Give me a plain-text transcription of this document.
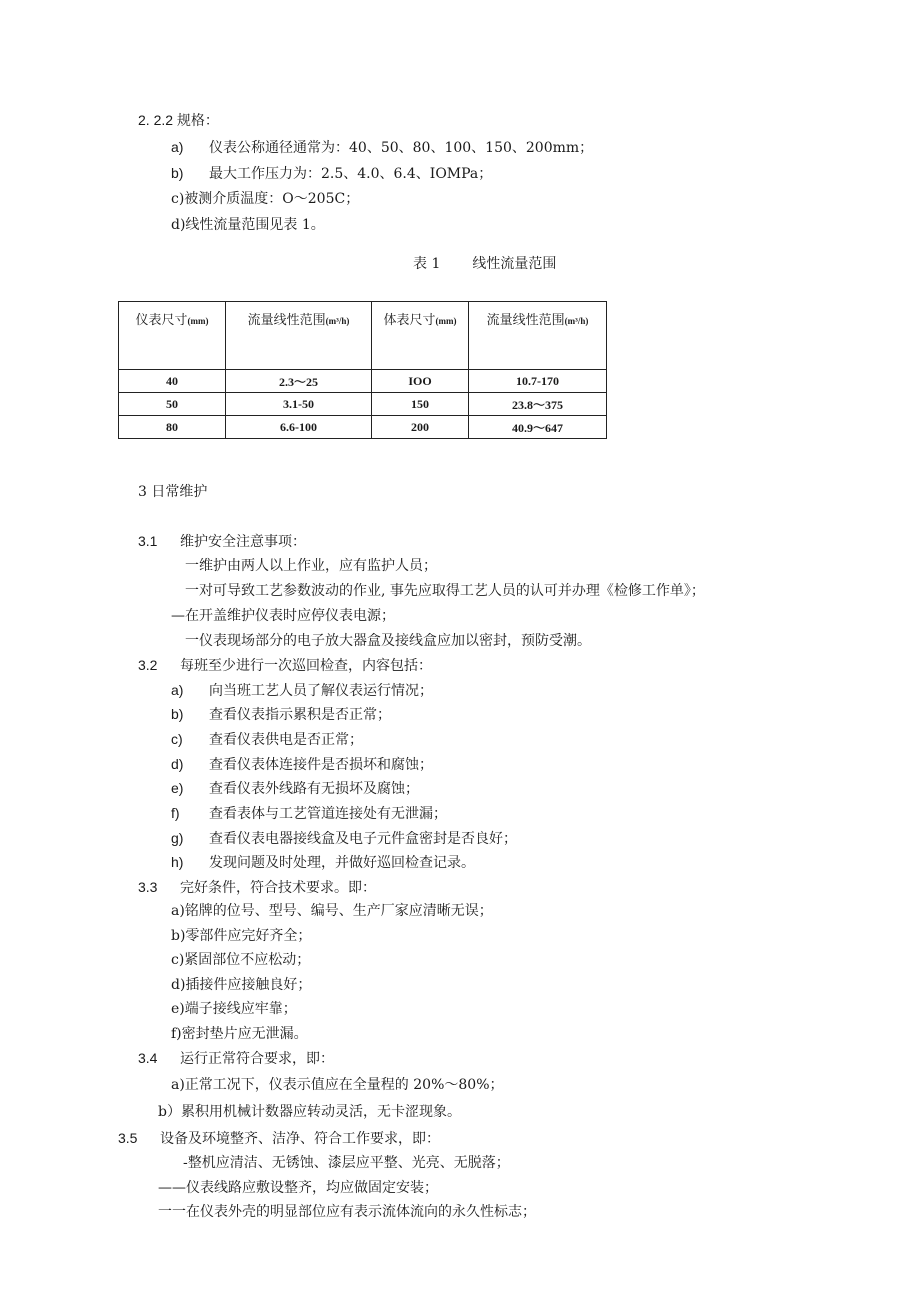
2. 2.2 规格：
a) 仪表公称通径通常为：40、50、80、100、150、200mm；
b) 最大工作压力为：2.5、4.0、6.4、IOMPa；
c)被测介质温度：O～205C；
d)线性流量范围见表 1。
表 1 线性流量范围
仪表尺寸(mm)	流量线性范围(m³/h)	体表尺寸(mm)	流量线性范围(m³/h)
40	2.3～25	IOO	10.7-170
50	3.1-50	150	23.8～375
80	6.6-100	200	40.9～647
3 日常维护
3.1 维护安全注意事项：
一维护由两人以上作业，应有监护人员；
一对可导致工艺参数波动的作业, 事先应取得工艺人员的认可并办理《检修工作单》；
—在开盖维护仪表时应停仪表电源；
一仪表现场部分的电子放大器盒及接线盒应加以密封，预防受潮。
3.2 每班至少进行一次巡回检查，内容包括：
a) 向当班工艺人员了解仪表运行情况；
b) 查看仪表指示累积是否正常；
c) 查看仪表供电是否正常；
d) 查看仪表体连接件是否损坏和腐蚀；
e) 查看仪表外线路有无损坏及腐蚀；
f) 查看表体与工艺管道连接处有无泄漏；
g) 查看仪表电器接线盒及电子元件盒密封是否良好；
h) 发现问题及时处理，并做好巡回检查记录。
3.3 完好条件，符合技术要求。即：
a)铭牌的位号、型号、编号、生产厂家应清晰无误；
b)零部件应完好齐全；
c)紧固部位不应松动；
d)插接件应接触良好；
e)端子接线应牢靠；
f)密封垫片应无泄漏。
3.4 运行正常符合要求，即：
a)正常工况下，仪表示值应在全量程的 20%～80%；
b）累积用机械计数器应转动灵活，无卡涩现象。
3.5 设备及环境整齐、洁净、符合工作要求，即：
-整机应清洁、无锈蚀、漆层应平整、光亮、无脱落；
——仪表线路应敷设整齐，均应做固定安装；
一一在仪表外壳的明显部位应有表示流体流向的永久性标志；
